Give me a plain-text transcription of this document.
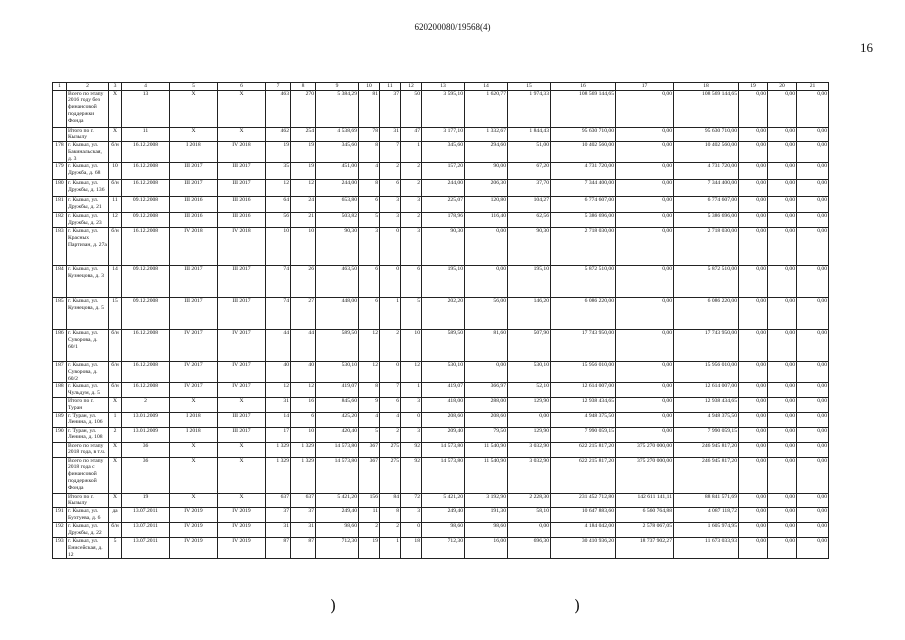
620200080/19568(4)
16
1	2	3	4	5	6	7	8	9	10	11	12	13	14	15	16	17	18	19	20	21
	Всего по этапу 2016 году без финансовой поддержки Фонда	X	13	X	X	463	270	5 384,29	81	37	50	3 595,10	1 620,77	1 974,33	108 569 144,65	0,00	108 569 144,65	0,00	0,00	0,00
	Итого по г. Кызылу	X	11	X	X	462	254	4 538,69	78	31	47	3 177,10	1 332,67	1 844,43	95 630 710,00	0,00	95 630 710,00	0,00	0,00	0,00
178	г. Кызыл, ул. Бакинальская, д. 3	б/н	16.12.2008	I 2018	IV 2018	19	19	345,60	8	7	1	345,60	294,60	51,00	10 402 560,00	0,00	10 402 560,00	0,00	0,00	0,00
179	г. Кызыл, ул. Дружба, д. 68	10	16.12.2008	III 2017	III 2017	35	19	451,00	4	2	2	157,20	90,00	67,20	4 731 720,00	0,00	4 731 720,00	0,00	0,00	0,00
180	г. Кызыл, ул. Дружбы, д. 136	б/н	16.12.2008	III 2017	III 2017	12	12	244,00	8	6	2	244,00	206,30	37,70	7 344 400,00	0,00	7 344 400,00	0,00	0,00	0,00
181	г. Кызыл, ул. Дружбы, д. 21	11	09.12.2008	III 2016	III 2016	64	24	653,80	6	3	3	225,07	120,80	104,27	6 774 607,00	0,00	6 774 607,00	0,00	0,00	0,00
182	г. Кызыл, ул. Дружбы, д. 23	12	09.12.2008	III 2016	III 2016	56	21	503,82	5	3	2	178,96	116,40	62,56	5 386 696,00	0,00	5 386 696,00	0,00	0,00	0,00
183	г. Кызыл, ул. Красных Партизан, д. 27а	б/н	16.12.2008	IV 2018	IV 2018	10	10	90,30	3	0	3	90,30	0,00	90,30	2 718 030,00	0,00	2 718 030,00	0,00	0,00	0,00
184	г. Кызыл, ул. Кузнецова, д. 3	14	09.12.2008	III 2017	III 2017	74	26	463,50	6	0	6	195,10	0,00	195,10	5 872 510,00	0,00	5 872 510,00	0,00	0,00	0,00
185	г. Кызыл, ул. Кузнецова, д. 5	15	09.12.2008	III 2017	III 2017	74	27	448,00	6	1	5	202,20	56,00	146,20	6 086 220,00	0,00	6 086 220,00	0,00	0,00	0,00
186	г. Кызыл, ул. Суворова, д. 60/1	б/н	16.12.2008	IV 2017	IV 2017	44	44	589,50	12	2	10	589,50	81,60	507,90	17 743 950,00	0,00	17 743 950,00	0,00	0,00	0,00
187	г. Кызыл, ул. Суворова, д. 60/2	б/н	16.12.2008	IV 2017	IV 2017	40	40	530,10	12	0	12	530,10	0,00	530,10	15 956 010,00	0,00	15 956 010,00	0,00	0,00	0,00
188	г. Кызыл, ул. Чульдум, д. 5	б/н	16.12.2008	IV 2017	IV 2017	12	12	419,07	8	7	1	419,07	366,97	52,10	12 614 007,00	0,00	12 614 007,00	0,00	0,00	0,00
	Итого по г. Туран	X	2	X	X	31	16	845,60	9	6	3	418,00	288,00	129,90	12 938 434,65	0,00	12 938 434,65	0,00	0,00	0,00
189	г. Туран, ул. Ленина, д. 106	1	13.01.2009	I 2018	III 2017	14	6	425,20	4	4	0	208,60	208,60	0,00	4 948 375,50	0,00	4 948 375,50	0,00	0,00	0,00
190	г. Туран, ул. Ленина, д. 108	2	13.01.2009	I 2018	III 2017	17	10	420,40	5	2	3	209,40	79,50	129,90	7 990 059,15	0,00	7 990 059,15	0,00	0,00	0,00
	Всего по этапу 2018 года, в т.ч.	X	36	X	X	1 329	1 329	14 573,80	367	275	92	14 573,80	11 540,90	3 032,90	622 215 817,20	375 270 000,00	246 945 817,20	0,00	0,00	0,00
	Всего по этапу 2018 года с финансовой поддержкой Фонда	X	36	X	X	1 329	1 329	14 573,80	367	275	92	14 573,80	11 540,90	3 032,90	622 215 817,20	375 270 000,00	246 945 817,20	0,00	0,00	0,00
	Итого по г. Кызылу	X	19	X	X	637	637	5 421,20	156	84	72	5 421,20	3 192,90	2 228,30	231 452 712,80	142 611 141,11	88 841 571,69	0,00	0,00	0,00
191	г. Кызыл, ул. Бухтуева, д. 6	да	13.07.2011	IV 2019	IV 2019	37	37	249,40	11	8	3	249,40	191,30	58,10	10 647 883,60	6 560 764,88	4 087 118,72	0,00	0,00	0,00
192	г. Кызыл, ул. Дружбы, д. 22	б/н	13.07.2011	IV 2019	IV 2019	31	31	98,60	2	2	0	98,60	98,60	0,00	4 184 042,00	2 578 067,05	1 605 974,95	0,00	0,00	0,00
193	г. Кызыл, ул. Енисейская, д. 12	5	13.07.2011	IV 2019	IV 2019	87	87	712,30	19	1	18	712,30	16,00	696,30	30 410 936,20	18 737 902,27	11 673 033,93	0,00	0,00	0,00
)	)
